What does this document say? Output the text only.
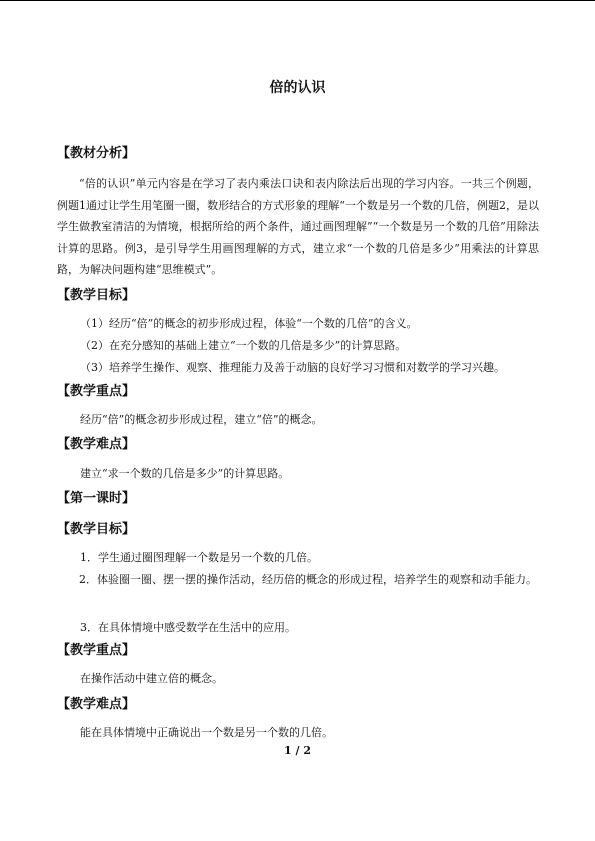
倍的认识
【教材分析】
“倍的认识”单元内容是在学习了表内乘法口诀和表内除法后出现的学习内容。一共三个例题，例题1通过让学生用笔圈一圈，数形结合的方式形象的理解“一个数是另一个数的几倍，例题2，是以学生做教室清洁的为情境，根据所给的两个条件，通过画图理解”“一个数是另一个数的几倍”用除法计算的思路。例3，是引导学生用画图理解的方式，建立求“一个数的几倍是多少”用乘法的计算思路，为解决问题构建“思维模式”。
【教学目标】
（1）经历“倍”的概念的初步形成过程，体验“一个数的几倍”的含义。
（2）在充分感知的基础上建立“一个数的几倍是多少”的计算思路。
（3）培养学生操作、观察、推理能力及善于动脑的良好学习习惯和对数学的学习兴趣。
【教学重点】
经历“倍”的概念初步形成过程，建立“倍”的概念。
【教学难点】
建立“求一个数的几倍是多少”的计算思路。
【第一课时】
【教学目标】
1．学生通过圈图理解一个数是另一个数的几倍。
2．体验圈一圈、摆一摆的操作活动，经历倍的概念的形成过程，培养学生的观察和动手能力。
3．在具体情境中感受数学在生活中的应用。
【教学重点】
在操作活动中建立倍的概念。
【教学难点】
能在具体情境中正确说出一个数是另一个数的几倍。
1 / 2
